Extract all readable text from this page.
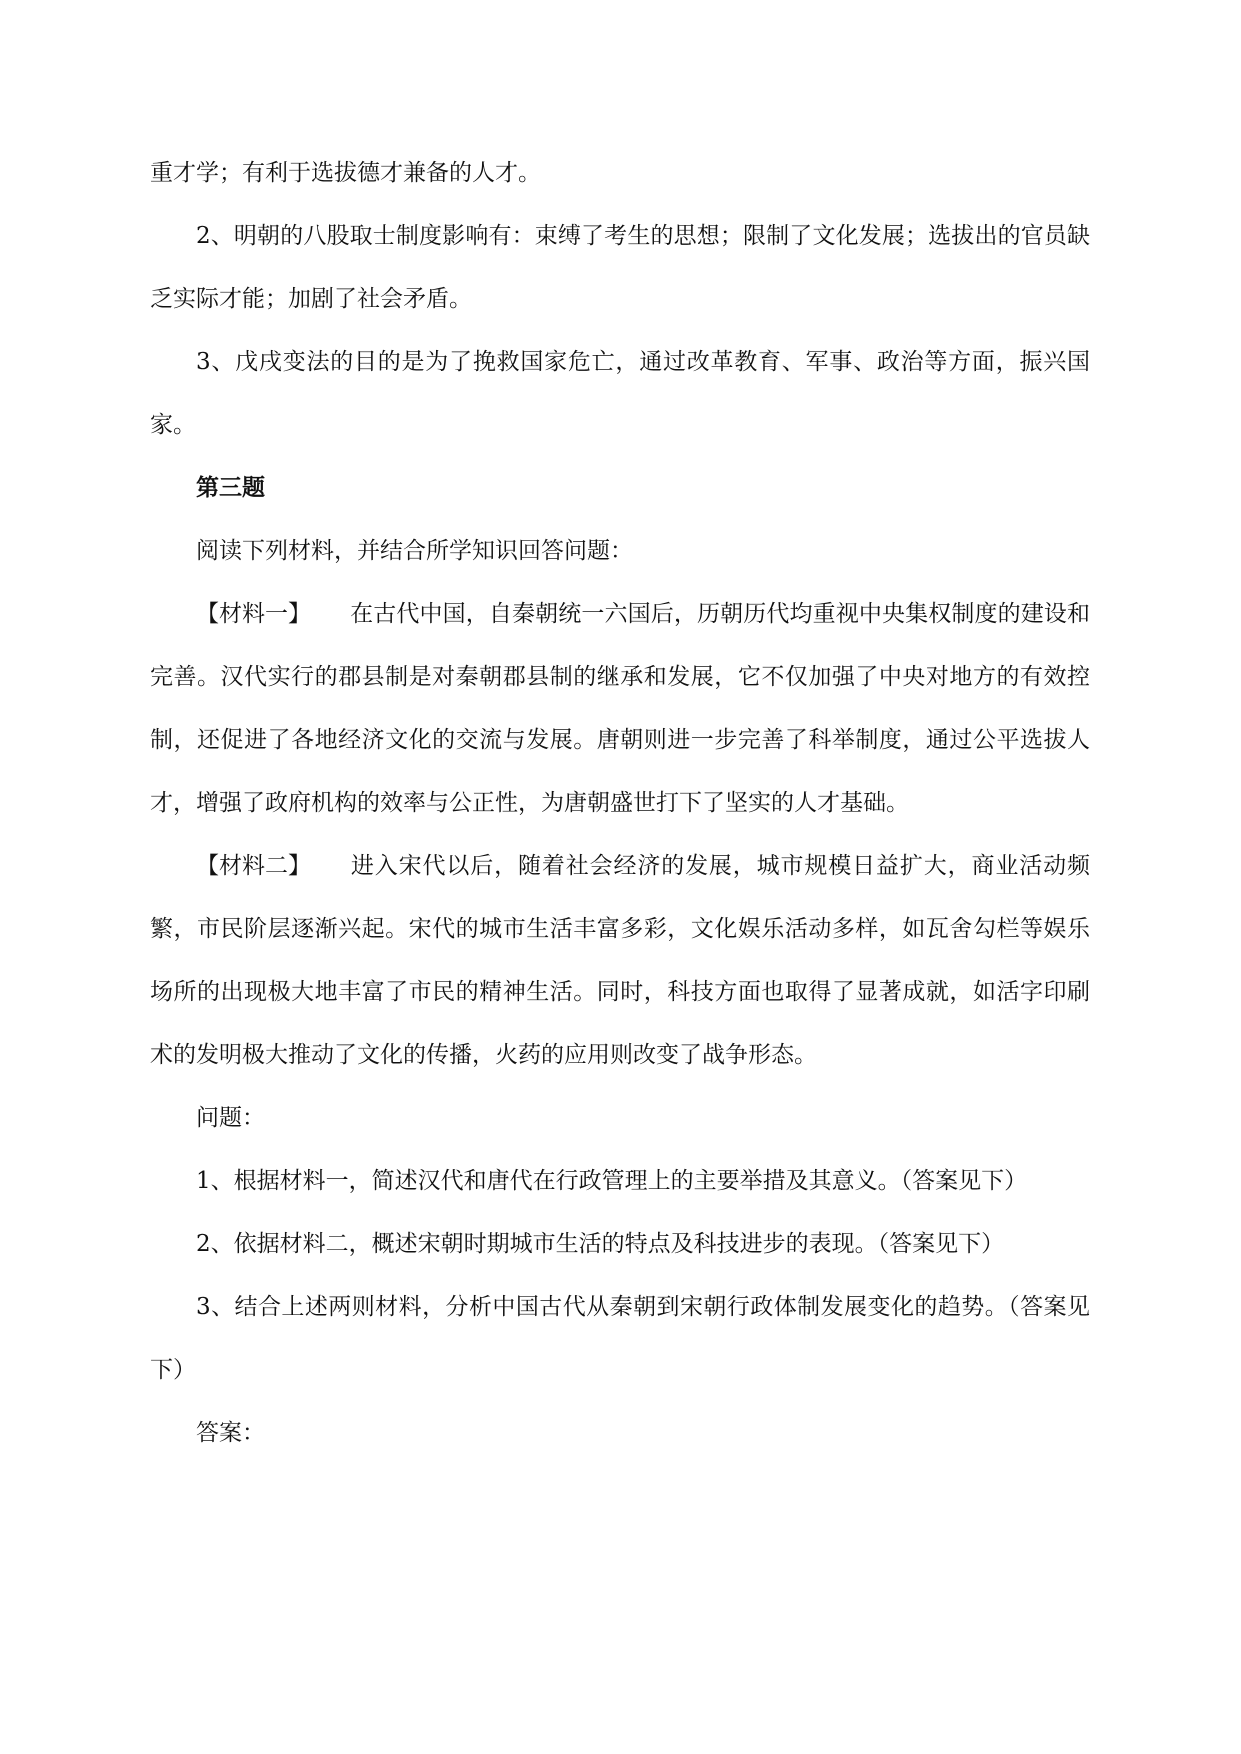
重才学；有利于选拔德才兼备的人才。

2、明朝的八股取士制度影响有：束缚了考生的思想；限制了文化发展；选拔出的官员缺乏实际才能；加剧了社会矛盾。

3、戊戌变法的目的是为了挽救国家危亡，通过改革教育、军事、政治等方面，振兴国家。

第三题

阅读下列材料，并结合所学知识回答问题：

【材料一】 在古代中国，自秦朝统一六国后，历朝历代均重视中央集权制度的建设和完善。汉代实行的郡县制是对秦朝郡县制的继承和发展，它不仅加强了中央对地方的有效控制，还促进了各地经济文化的交流与发展。唐朝则进一步完善了科举制度，通过公平选拔人才，增强了政府机构的效率与公正性，为唐朝盛世打下了坚实的人才基础。

【材料二】 进入宋代以后，随着社会经济的发展，城市规模日益扩大，商业活动频繁，市民阶层逐渐兴起。宋代的城市生活丰富多彩，文化娱乐活动多样，如瓦舍勾栏等娱乐场所的出现极大地丰富了市民的精神生活。同时，科技方面也取得了显著成就，如活字印刷术的发明极大推动了文化的传播，火药的应用则改变了战争形态。

问题：

1、根据材料一，简述汉代和唐代在行政管理上的主要举措及其意义。（答案见下）

2、依据材料二，概述宋朝时期城市生活的特点及科技进步的表现。（答案见下）

3、结合上述两则材料，分析中国古代从秦朝到宋朝行政体制发展变化的趋势。（答案见下）

答案：
